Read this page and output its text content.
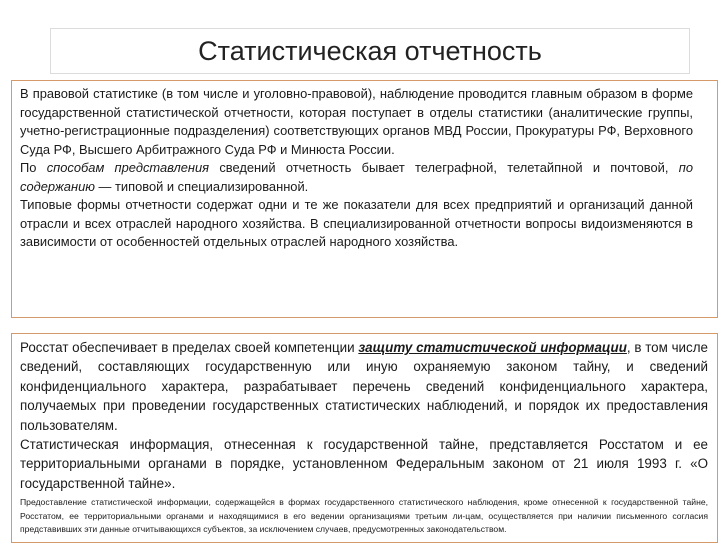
Статистическая отчетность

В правовой статистике (в том числе и уголовно-правовой), наблюдение проводится главным образом в форме государственной статистической отчетности, которая поступает в отделы статистики (аналитические группы, учетно-регистрационные подразделения) соответствующих органов МВД России, Прокуратуры РФ, Верховного Суда РФ, Высшего Арбитражного Суда РФ и Минюста России.

По способам представления сведений отчетность бывает телеграфной, телетайпной и почтовой, по содержанию — типовой и специализированной.

Типовые формы отчетности содержат одни и те же показатели для всех предприятий и организаций данной отрасли и всех отраслей народного хозяйства. В специализированной отчетности вопросы видоизменяются в зависимости от особенностей отдельных отраслей народного хозяйства.

Росстат обеспечивает в пределах своей компетенции защиту статистической информации, в том числе сведений, составляющих государственную или иную охраняемую законом тайну, и сведений конфиденциального характера, разрабатывает перечень сведений конфиденциального характера, получаемых при проведении государственных статистических наблюдений, и порядок их предоставления пользователям.

Статистическая информация, отнесенная к государственной тайне, представляется Росстатом и ее территориальными органами в порядке, установленном Федеральным законом от 21 июля 1993 г. «О государственной тайне».

Предоставление статистической информации, содержащейся в формах государственного статистического наблюдения, кроме отнесенной к государственной тайне, Росстатом, ее территориальными органами и находящимися в его ведении организациями третьим ли-цам, осуществляется при наличии письменного согласия представивших эти данные отчитывающихся субъектов, за исключением случаев, предусмотренных законодательством.
